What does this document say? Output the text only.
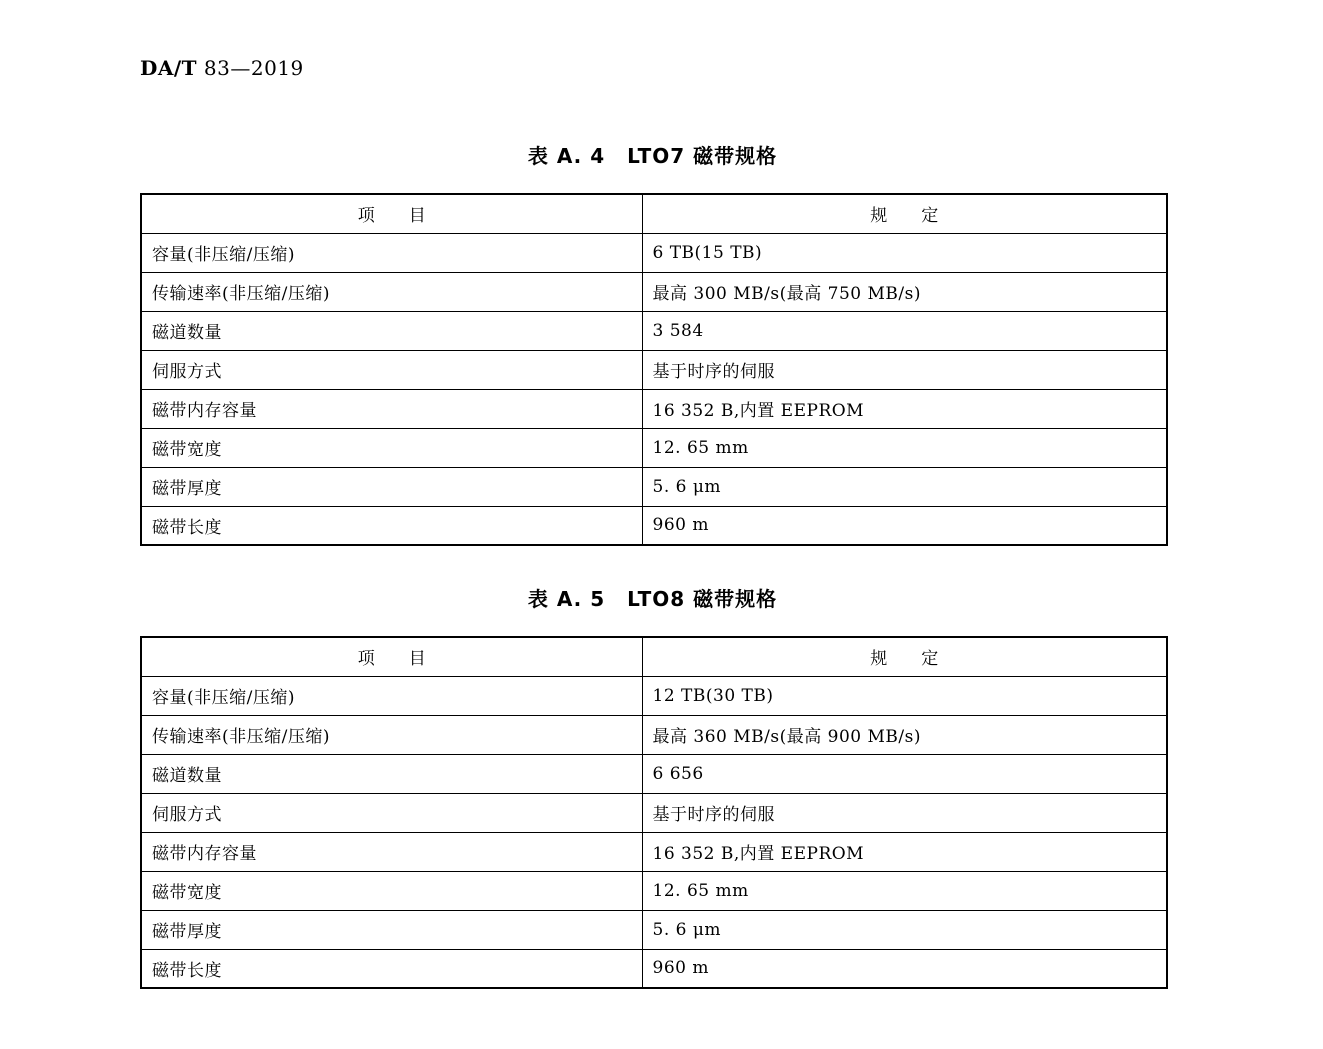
DA/T 83—2019
表 A. 4 LTO7 磁带规格
项　　目	规　　定
容量(非压缩/压缩)	6 TB(15 TB)
传输速率(非压缩/压缩)	最高 300 MB/s(最高 750 MB/s)
磁道数量	3 584
伺服方式	基于时序的伺服
磁带内存容量	16 352 B,内置 EEPROM
磁带宽度	12. 65 mm
磁带厚度	5. 6 μm
磁带长度	960 m
表 A. 5 LTO8 磁带规格
项　　目	规　　定
容量(非压缩/压缩)	12 TB(30 TB)
传输速率(非压缩/压缩)	最高 360 MB/s(最高 900 MB/s)
磁道数量	6 656
伺服方式	基于时序的伺服
磁带内存容量	16 352 B,内置 EEPROM
磁带宽度	12. 65 mm
磁带厚度	5. 6 μm
磁带长度	960 m
